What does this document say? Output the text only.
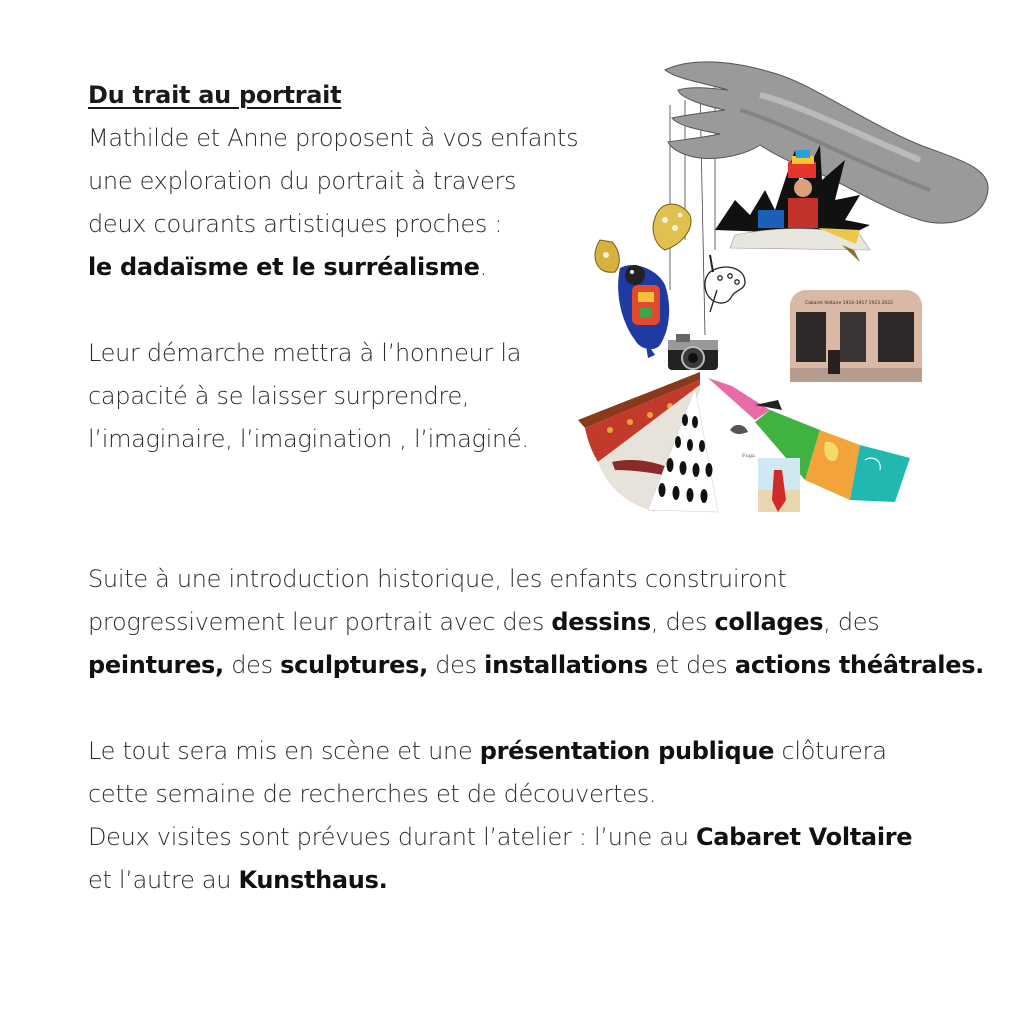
Du trait au portrait
Mathilde et Anne proposent à vos enfants
une exploration du portrait à travers
deux courants artistiques proches :
le dadaïsme et le surréalisme.
Leur démarche mettra à l’honneur la
capacité à se laisser surprendre,
l’imaginaire, l’imagination , l’imaginé.
Cabaret Voltaire 1916-1917 1923 2022
Fuga
Suite à une introduction historique, les enfants construiront
progressivement leur portrait avec des dessins, des collages, des
peintures, des sculptures, des installations et des actions théâtrales.
Le tout sera mis en scène et une présentation publique clôturera
cette semaine de recherches et de découvertes.
Deux visites sont prévues durant l’atelier : l’une au Cabaret Voltaire
et l’autre au Kunsthaus.
